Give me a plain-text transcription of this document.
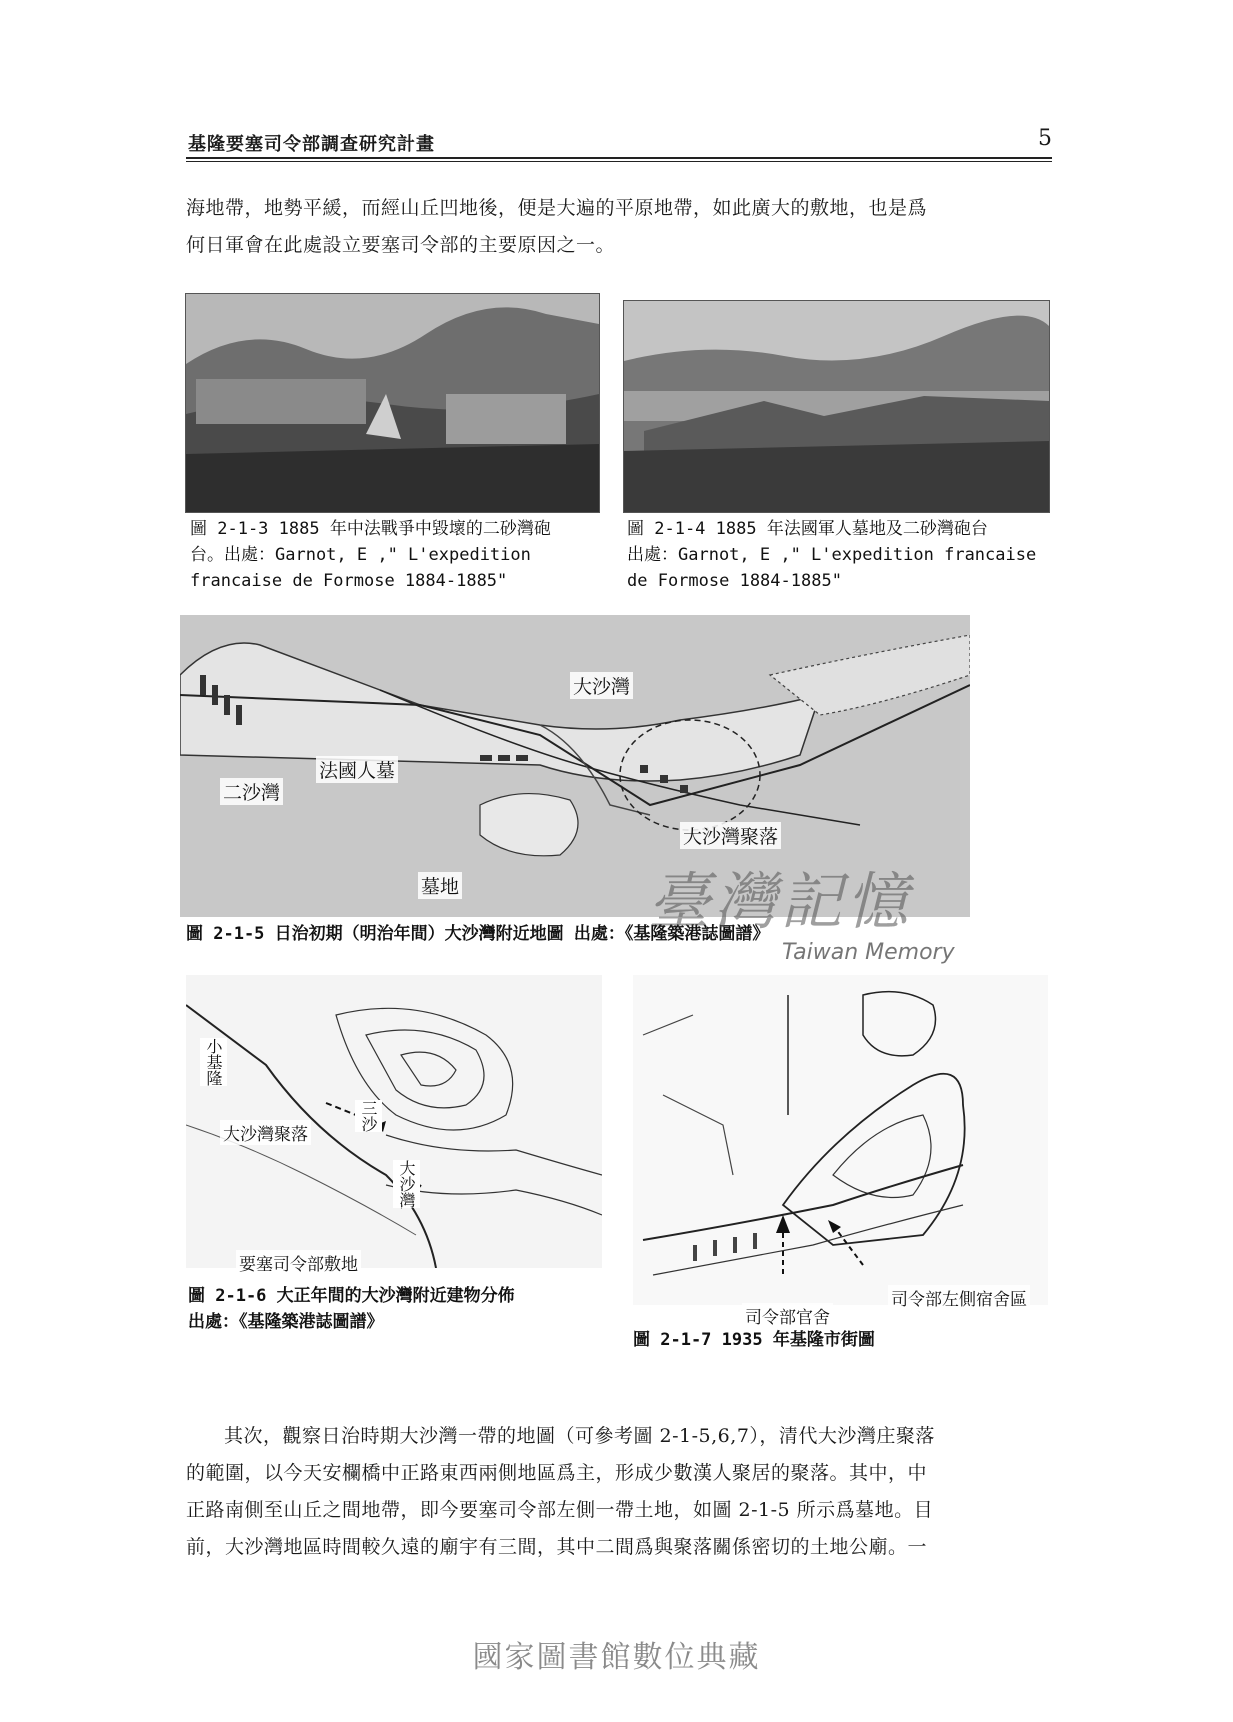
基隆要塞司令部調查研究計畫	5
海地帶，地勢平緩，而經山丘凹地後，便是大遍的平原地帶，如此廣大的敷地，也是爲
何日軍會在此處設立要塞司令部的主要原因之一。
圖 2-1-3 1885 年中法戰爭中毀壞的二砂灣砲
台。出處：Garnot, E ," L'expedition
francaise de Formose 1884-1885"
圖 2-1-4 1885 年法國軍人墓地及二砂灣砲台
出處：Garnot, E ," L'expedition francaise
de Formose 1884-1885"
大沙灣
二沙灣
法國人墓
大沙灣聚落
墓地
圖 2-1-5 日治初期（明治年間）大沙灣附近地圖 出處：《基隆築港誌圖譜》
臺灣記憶
Taiwan Memory
小基隆
三沙
大沙灣
大沙灣聚落
要塞司令部敷地
圖 2-1-6 大正年間的大沙灣附近建物分佈
出處：《基隆築港誌圖譜》
司令部左側宿舍區
司令部官舍
圖 2-1-7 1935 年基隆市街圖
其次，觀察日治時期大沙灣一帶的地圖（可參考圖 2-1-5,6,7），清代大沙灣庄聚落
的範圍，以今天安欄橋中正路東西兩側地區爲主，形成少數漢人聚居的聚落。其中，中
正路南側至山丘之間地帶，即今要塞司令部左側一帶土地，如圖 2-1-5 所示爲墓地。目
前，大沙灣地區時間較久遠的廟宇有三間，其中二間爲與聚落關係密切的土地公廟。一
國家圖書館數位典藏
